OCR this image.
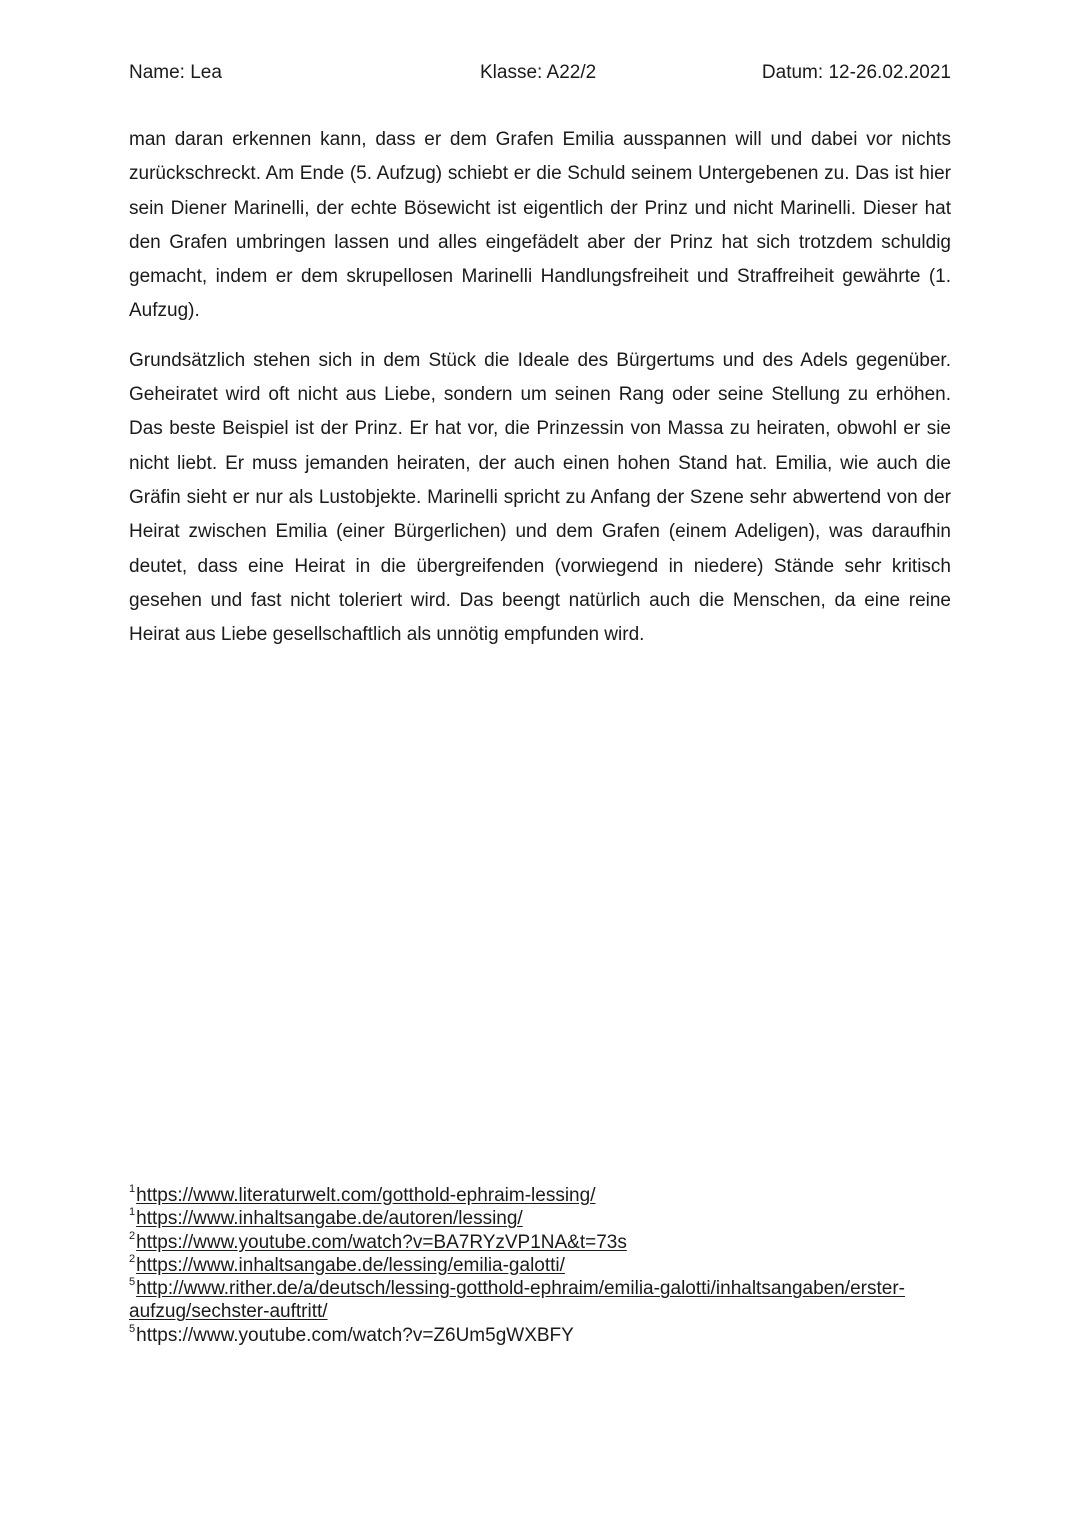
Name: Lea	Klasse: A22/2	Datum: 12-26.02.2021

man daran erkennen kann, dass er dem Grafen Emilia ausspannen will und dabei vor nichts zurückschreckt. Am Ende (5. Aufzug) schiebt er die Schuld seinem Untergebenen zu. Das ist hier sein Diener Marinelli, der echte Bösewicht ist eigentlich der Prinz und nicht Marinelli. Dieser hat den Grafen umbringen lassen und alles eingefädelt aber der Prinz hat sich trotzdem schuldig gemacht, indem er dem skrupellosen Marinelli Handlungsfreiheit und Straffreiheit gewährte (1. Aufzug).

Grundsätzlich stehen sich in dem Stück die Ideale des Bürgertums und des Adels gegenüber. Geheiratet wird oft nicht aus Liebe, sondern um seinen Rang oder seine Stellung zu erhöhen. Das beste Beispiel ist der Prinz. Er hat vor, die Prinzessin von Massa zu heiraten, obwohl er sie nicht liebt. Er muss jemanden heiraten, der auch einen hohen Stand hat. Emilia, wie auch die Gräfin sieht er nur als Lustobjekte. Marinelli spricht zu Anfang der Szene sehr abwertend von der Heirat zwischen Emilia (einer Bürgerlichen) und dem Grafen (einem Adeligen), was daraufhin deutet, dass eine Heirat in die übergreifenden (vorwiegend in niedere) Stände sehr kritisch gesehen und fast nicht toleriert wird. Das beengt natürlich auch die Menschen, da eine reine Heirat aus Liebe gesellschaftlich als unnötig empfunden wird.

$^1$https://www.literaturwelt.com/gotthold-ephraim-lessing/
$^1$https://www.inhaltsangabe.de/autoren/lessing/
$^2$https://www.youtube.com/watch?v=BA7RYzVP1NA&t=73s
$^2$https://www.inhaltsangabe.de/lessing/emilia-galotti/
$^5$http://www.rither.de/a/deutsch/lessing-gotthold-ephraim/emilia-galotti/inhaltsangaben/erster-
aufzug/sechster-auftritt/
$^5$https://www.youtube.com/watch?v=Z6Um5gWXBFY
